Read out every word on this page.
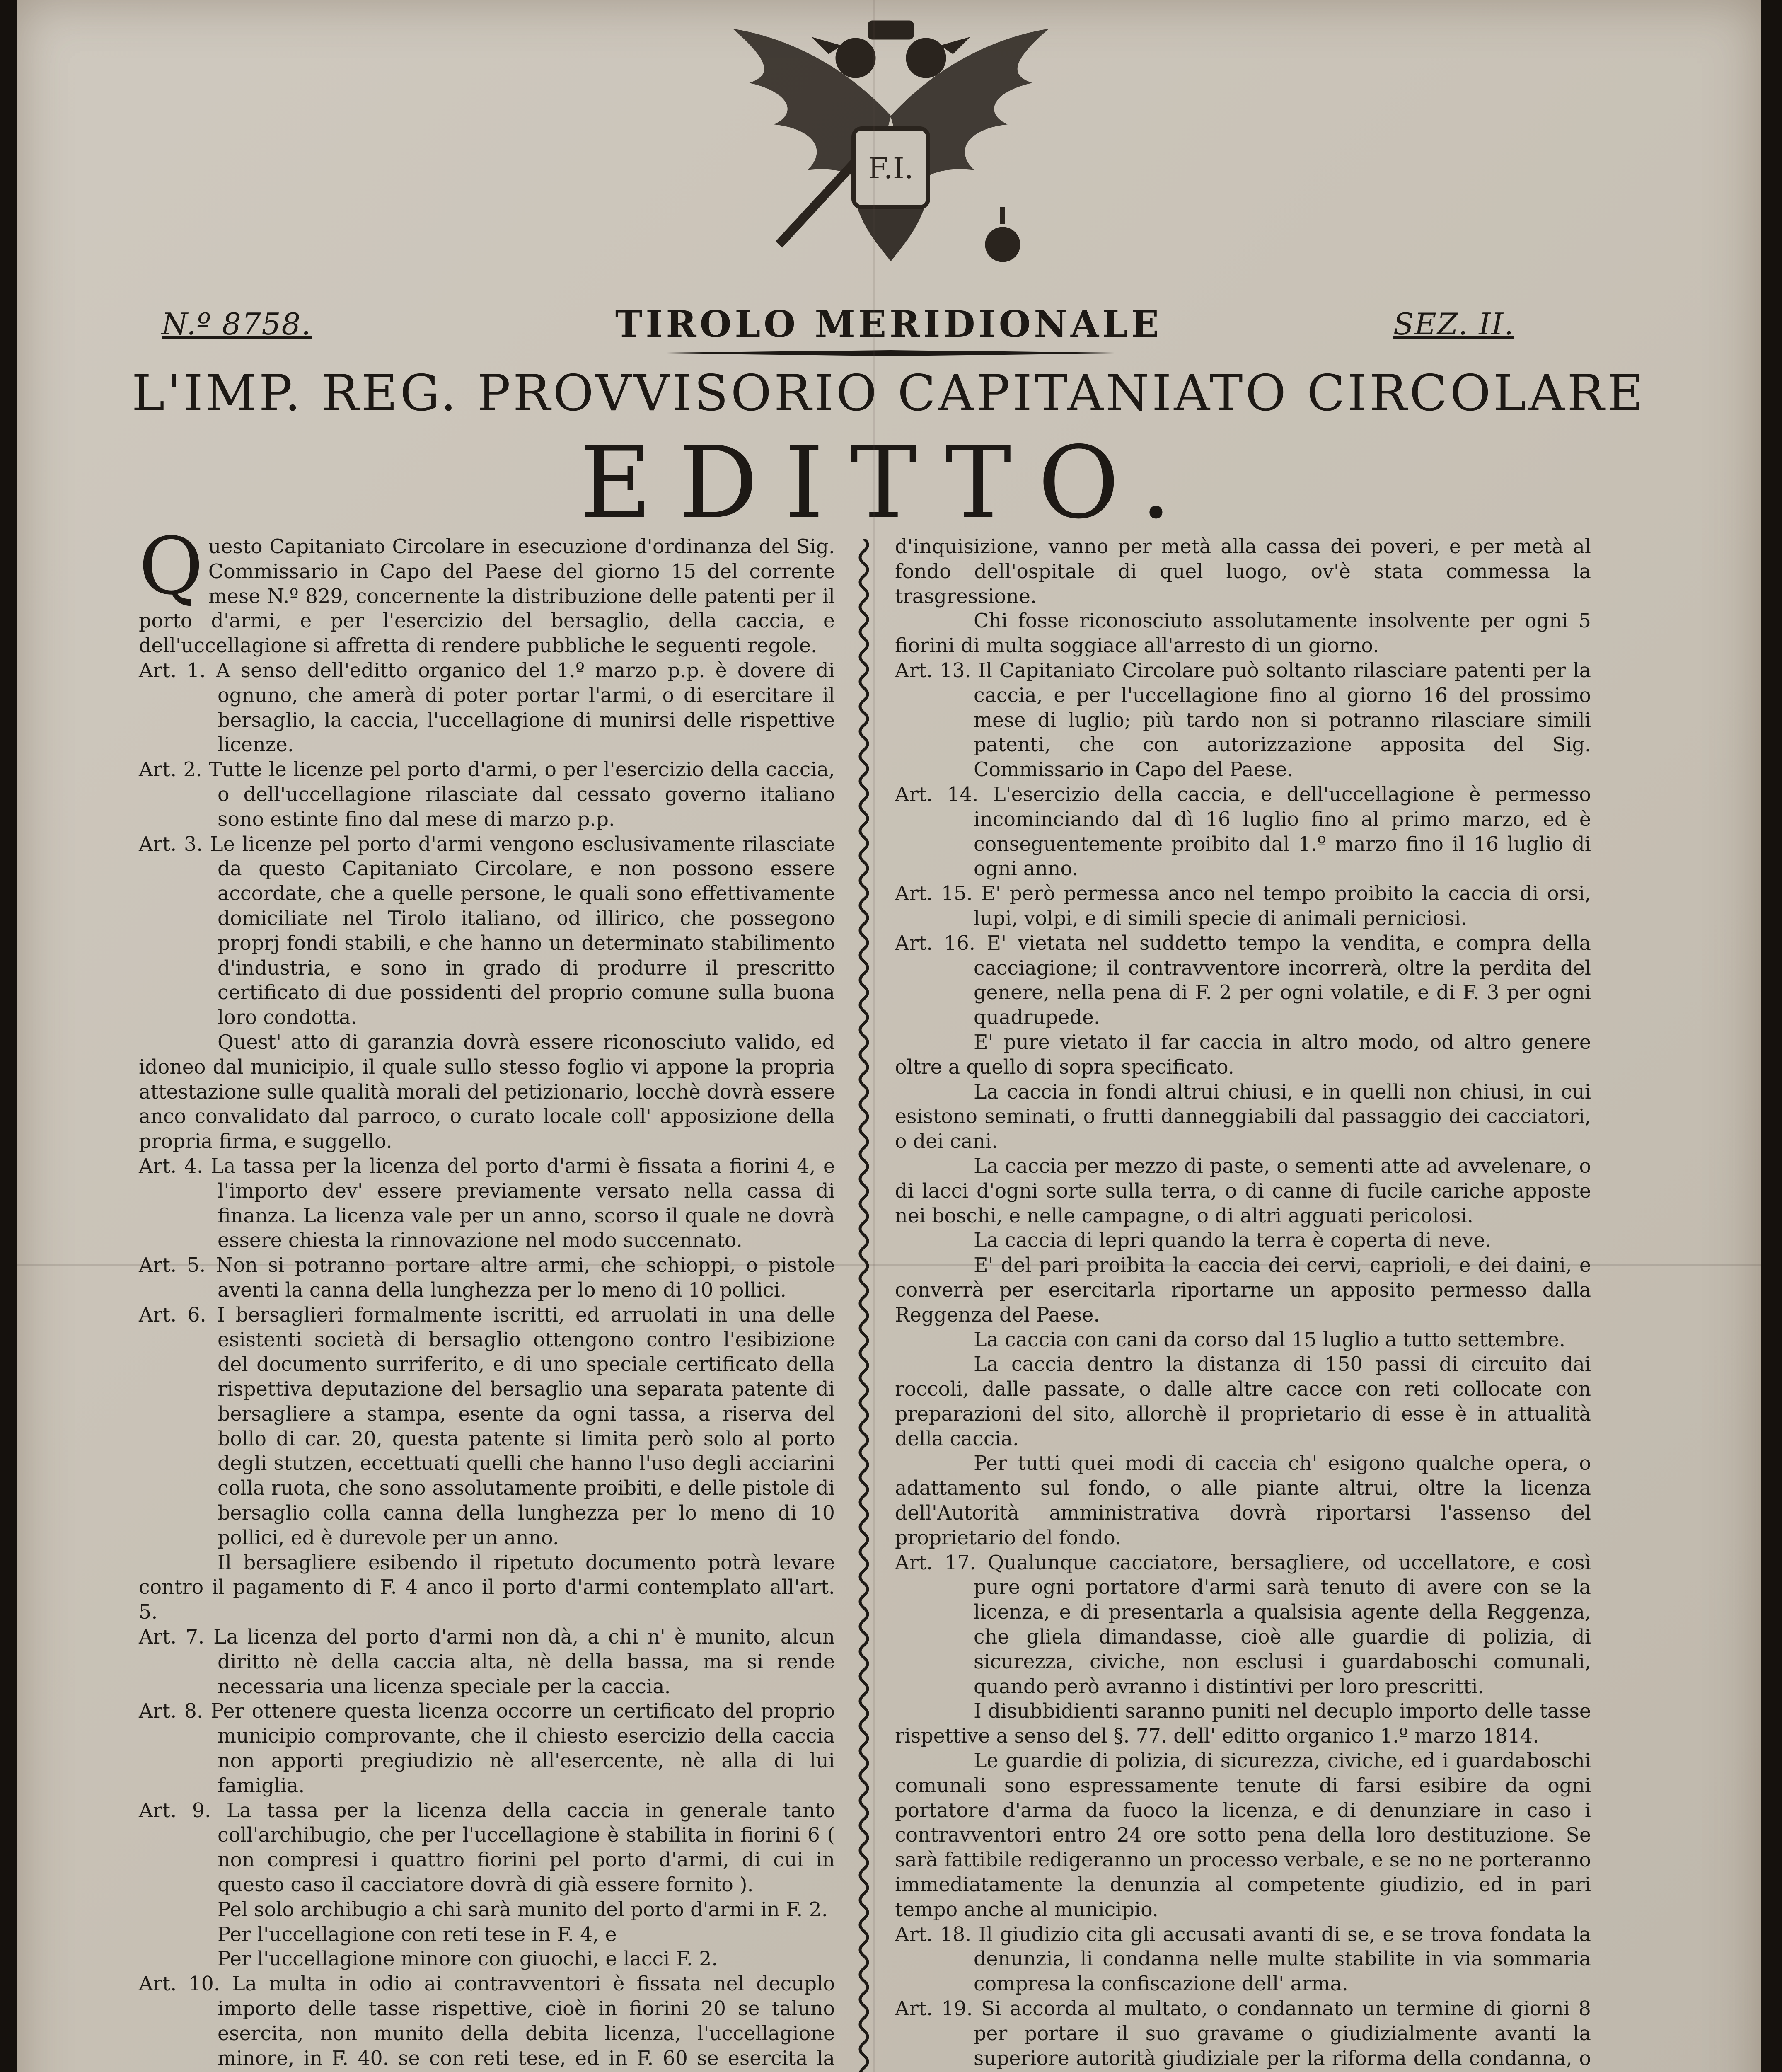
F.I.
N.º 8758.	TIROLO MERIDIONALE	SEZ. II.
L'IMP. REG. PROVVISORIO CAPITANIATO CIRCOLARE
EDITTO.

Questo Capitaniato Circolare in esecuzione d'ordinanza del Sig. Commissario in Capo del Paese del giorno 15 del corrente mese N.º 829, concernente la distribuzione delle patenti per il porto d'armi, e per l'esercizio del bersaglio, della caccia, e dell'uccellagione si affretta di rendere pubbliche le seguenti regole.

Art. 1. A senso dell'editto organico del 1.º marzo p.p. è dovere di ognuno, che amerà di poter portar l'armi, o di esercitare il bersaglio, la caccia, l'uccellagione di munirsi delle rispettive licenze.

Art. 2. Tutte le licenze pel porto d'armi, o per l'esercizio della caccia, o dell'uccellagione rilasciate dal cessato governo italiano sono estinte fino dal mese di marzo p.p.

Art. 3. Le licenze pel porto d'armi vengono esclusivamente rilasciate da questo Capitaniato Circolare, e non possono essere accordate, che a quelle persone, le quali sono effettivamente domiciliate nel Tirolo italiano, od illirico, che possegono proprj fondi stabili, e che hanno un determinato stabilimento d'industria, e sono in grado di produrre il prescritto certificato di due possidenti del proprio comune sulla buona loro condotta.

Quest' atto di garanzia dovrà essere riconosciuto valido, ed idoneo dal municipio, il quale sullo stesso foglio vi appone la propria attestazione sulle qualità morali del petizionario, locchè dovrà essere anco convalidato dal parroco, o curato locale coll' apposizione della propria firma, e suggello.

Art. 4. La tassa per la licenza del porto d'armi è fissata a fiorini 4, e l'importo dev' essere previamente versato nella cassa di finanza. La licenza vale per un anno, scorso il quale ne dovrà essere chiesta la rinnovazione nel modo succennato.

Art. 5. Non si potranno portare altre armi, che schioppi, o pistole aventi la canna della lunghezza per lo meno di 10 pollici.

Art. 6. I bersaglieri formalmente iscritti, ed arruolati in una delle esistenti società di bersaglio ottengono contro l'esibizione del documento surriferito, e di uno speciale certificato della rispettiva deputazione del bersaglio una separata patente di bersagliere a stampa, esente da ogni tassa, a riserva del bollo di car. 20, questa patente si limita però solo al porto degli stutzen, eccettuati quelli che hanno l'uso degli acciarini colla ruota, che sono assolutamente proibiti, e delle pistole di bersaglio colla canna della lunghezza per lo meno di 10 pollici, ed è durevole per un anno.

Il bersagliere esibendo il ripetuto documento potrà levare contro il pagamento di F. 4 anco il porto d'armi contemplato all'art. 5.

Art. 7. La licenza del porto d'armi non dà, a chi n' è munito, alcun diritto nè della caccia alta, nè della bassa, ma si rende necessaria una licenza speciale per la caccia.

Art. 8. Per ottenere questa licenza occorre un certificato del proprio municipio comprovante, che il chiesto esercizio della caccia non apporti pregiudizio nè all'esercente, nè alla di lui famiglia.

Art. 9. La tassa per la licenza della caccia in generale tanto coll'archibugio, che per l'uccellagione è stabilita in fiorini 6 ( non compresi i quattro fiorini pel porto d'armi, di cui in questo caso il cacciatore dovrà di già essere fornito ).

Pel solo archibugio a chi sarà munito del porto d'armi in F. 2.

Per l'uccellagione con reti tese in F. 4, e

Per l'uccellagione minore con giuochi, e lacci F. 2.

Art. 10. La multa in odio ai contravventori è fissata nel decuplo importo delle tasse rispettive, cioè in fiorini 20 se taluno esercita, non munito della debita licenza, l'uccellagione minore, in F. 40. se con reti tese, ed in F. 60 se esercita la

d'inquisizione, vanno per metà alla cassa dei poveri, e per metà al fondo dell'ospitale di quel luogo, ov'è stata commessa la trasgressione.

Chi fosse riconosciuto assolutamente insolvente per ogni 5 fiorini di multa soggiace all'arresto di un giorno.

Art. 13. Il Capitaniato Circolare può soltanto rilasciare patenti per la caccia, e per l'uccellagione fino al giorno 16 del prossimo mese di luglio; più tardo non si potranno rilasciare simili patenti, che con autorizzazione apposita del Sig. Commissario in Capo del Paese.

Art. 14. L'esercizio della caccia, e dell'uccellagione è permesso incominciando dal dì 16 luglio fino al primo marzo, ed è conseguentemente proibito dal 1.º marzo fino il 16 luglio di ogni anno.

Art. 15. E' però permessa anco nel tempo proibito la caccia di orsi, lupi, volpi, e di simili specie di animali perniciosi.

Art. 16. E' vietata nel suddetto tempo la vendita, e compra della cacciagione; il contravventore incorrerà, oltre la perdita del genere, nella pena di F. 2 per ogni volatile, e di F. 3 per ogni quadrupede.

E' pure vietato il far caccia in altro modo, od altro genere oltre a quello di sopra specificato.

La caccia in fondi altrui chiusi, e in quelli non chiusi, in cui esistono seminati, o frutti danneggiabili dal passaggio dei cacciatori, o dei cani.

La caccia per mezzo di paste, o sementi atte ad avvelenare, o di lacci d'ogni sorte sulla terra, o di canne di fucile cariche apposte nei boschi, e nelle campagne, o di altri agguati pericolosi.

La caccia di lepri quando la terra è coperta di neve.

E' del pari proibita la caccia dei cervi, caprioli, e dei daini, e converrà per esercitarla riportarne un apposito permesso dalla Reggenza del Paese.

La caccia con cani da corso dal 15 luglio a tutto settembre.

La caccia dentro la distanza di 150 passi di circuito dai roccoli, dalle passate, o dalle altre cacce con reti collocate con preparazioni del sito, allorchè il proprietario di esse è in attualità della caccia.

Per tutti quei modi di caccia ch' esigono qualche opera, o adattamento sul fondo, o alle piante altrui, oltre la licenza dell'Autorità amministrativa dovrà riportarsi l'assenso del proprietario del fondo.

Art. 17. Qualunque cacciatore, bersagliere, od uccellatore, e così pure ogni portatore d'armi sarà tenuto di avere con se la licenza, e di presentarla a qualsisia agente della Reggenza, che gliela dimandasse, cioè alle guardie di polizia, di sicurezza, civiche, non esclusi i guardaboschi comunali, quando però avranno i distintivi per loro prescritti.

I disubbidienti saranno puniti nel decuplo importo delle tasse rispettive a senso del §. 77. dell' editto organico 1.º marzo 1814.

Le guardie di polizia, di sicurezza, civiche, ed i guardaboschi comunali sono espressamente tenute di farsi esibire da ogni portatore d'arma da fuoco la licenza, e di denunziare in caso i contravventori entro 24 ore sotto pena della loro destituzione. Se sarà fattibile redigeranno un processo verbale, e se no ne porteranno immediatamente la denunzia al competente giudizio, ed in pari tempo anche al municipio.

Art. 18. Il giudizio cita gli accusati avanti di se, e se trova fondata la denunzia, li condanna nelle multe stabilite in via sommaria compresa la confiscazione dell' arma.

Art. 19. Si accorda al multato, o condannato un termine di giorni 8 per portare il suo gravame o giudizialmente avanti la superiore autorità giudiziale per la riforma della condanna, o
